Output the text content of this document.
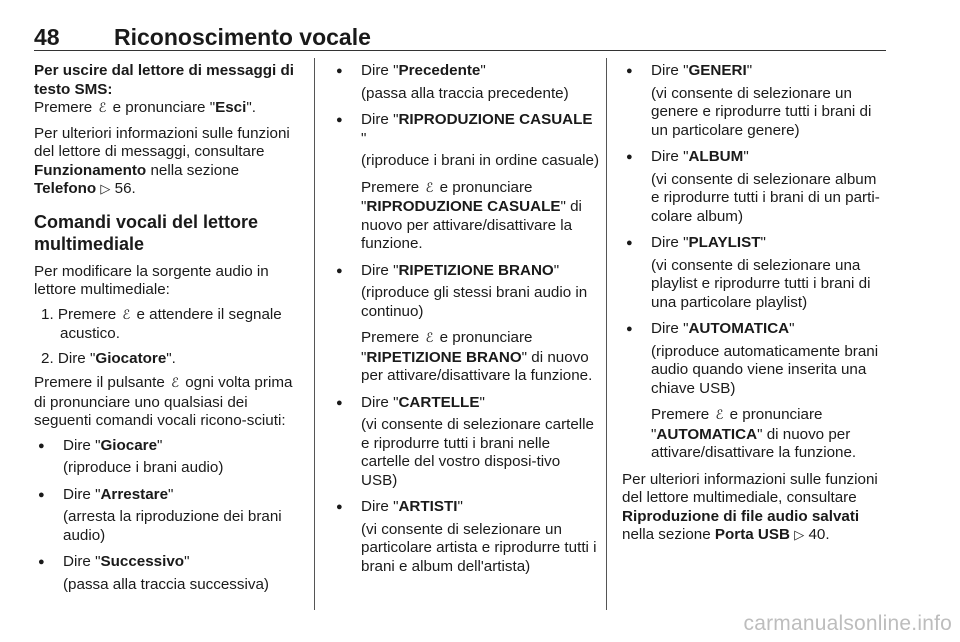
48 Riconoscimento vocale

Per uscire dal lettore di messaggi di testo SMS:

Premere ℰ e pronunciare "Esci".

Per ulteriori informazioni sulle funzioni del lettore di messaggi, consultare Funzionamento nella sezione Telefono ▷ 56.

Comandi vocali del lettore multimediale

Per modificare la sorgente audio in lettore multimediale:

1. Premere ℰ e attendere il segnale acustico.

2. Dire "Giocatore".

Premere il pulsante ℰ ogni volta prima di pronunciare uno qualsiasi dei seguenti comandi vocali ricono-sciuti:

● Dire "Giocare"

(riproduce i brani audio)

● Dire "Arrestare"

(arresta la riproduzione dei brani audio)

● Dire "Successivo"

(passa alla traccia successiva)

● Dire "Precedente"

(passa alla traccia precedente)

● Dire "RIPRODUZIONE CASUALE "

(riproduce i brani in ordine casuale)

Premere ℰ e pronunciare "RIPRODUZIONE CASUALE" di nuovo per attivare/disattivare la funzione.

● Dire "RIPETIZIONE BRANO"

(riproduce gli stessi brani audio in continuo)

Premere ℰ e pronunciare "RIPETIZIONE BRANO" di nuovo per attivare/disattivare la funzione.

● Dire "CARTELLE"

(vi consente di selezionare cartelle e riprodurre tutti i brani nelle cartelle del vostro disposi-tivo USB)

● Dire "ARTISTI"

(vi consente di selezionare un particolare artista e riprodurre tutti i brani e album dell'artista)

● Dire "GENERI"

(vi consente di selezionare un genere e riprodurre tutti i brani di un particolare genere)

● Dire "ALBUM"

(vi consente di selezionare album e riprodurre tutti i brani di un parti-colare album)

● Dire "PLAYLIST"

(vi consente di selezionare una playlist e riprodurre tutti i brani di una particolare playlist)

● Dire "AUTOMATICA"

(riproduce automaticamente brani audio quando viene inserita una chiave USB)

Premere ℰ e pronunciare "AUTOMATICA" di nuovo per attivare/disattivare la funzione.

Per ulteriori informazioni sulle funzioni del lettore multimediale, consultare Riproduzione di file audio salvati nella sezione Porta USB ▷ 40.

carmanualsonline.info
